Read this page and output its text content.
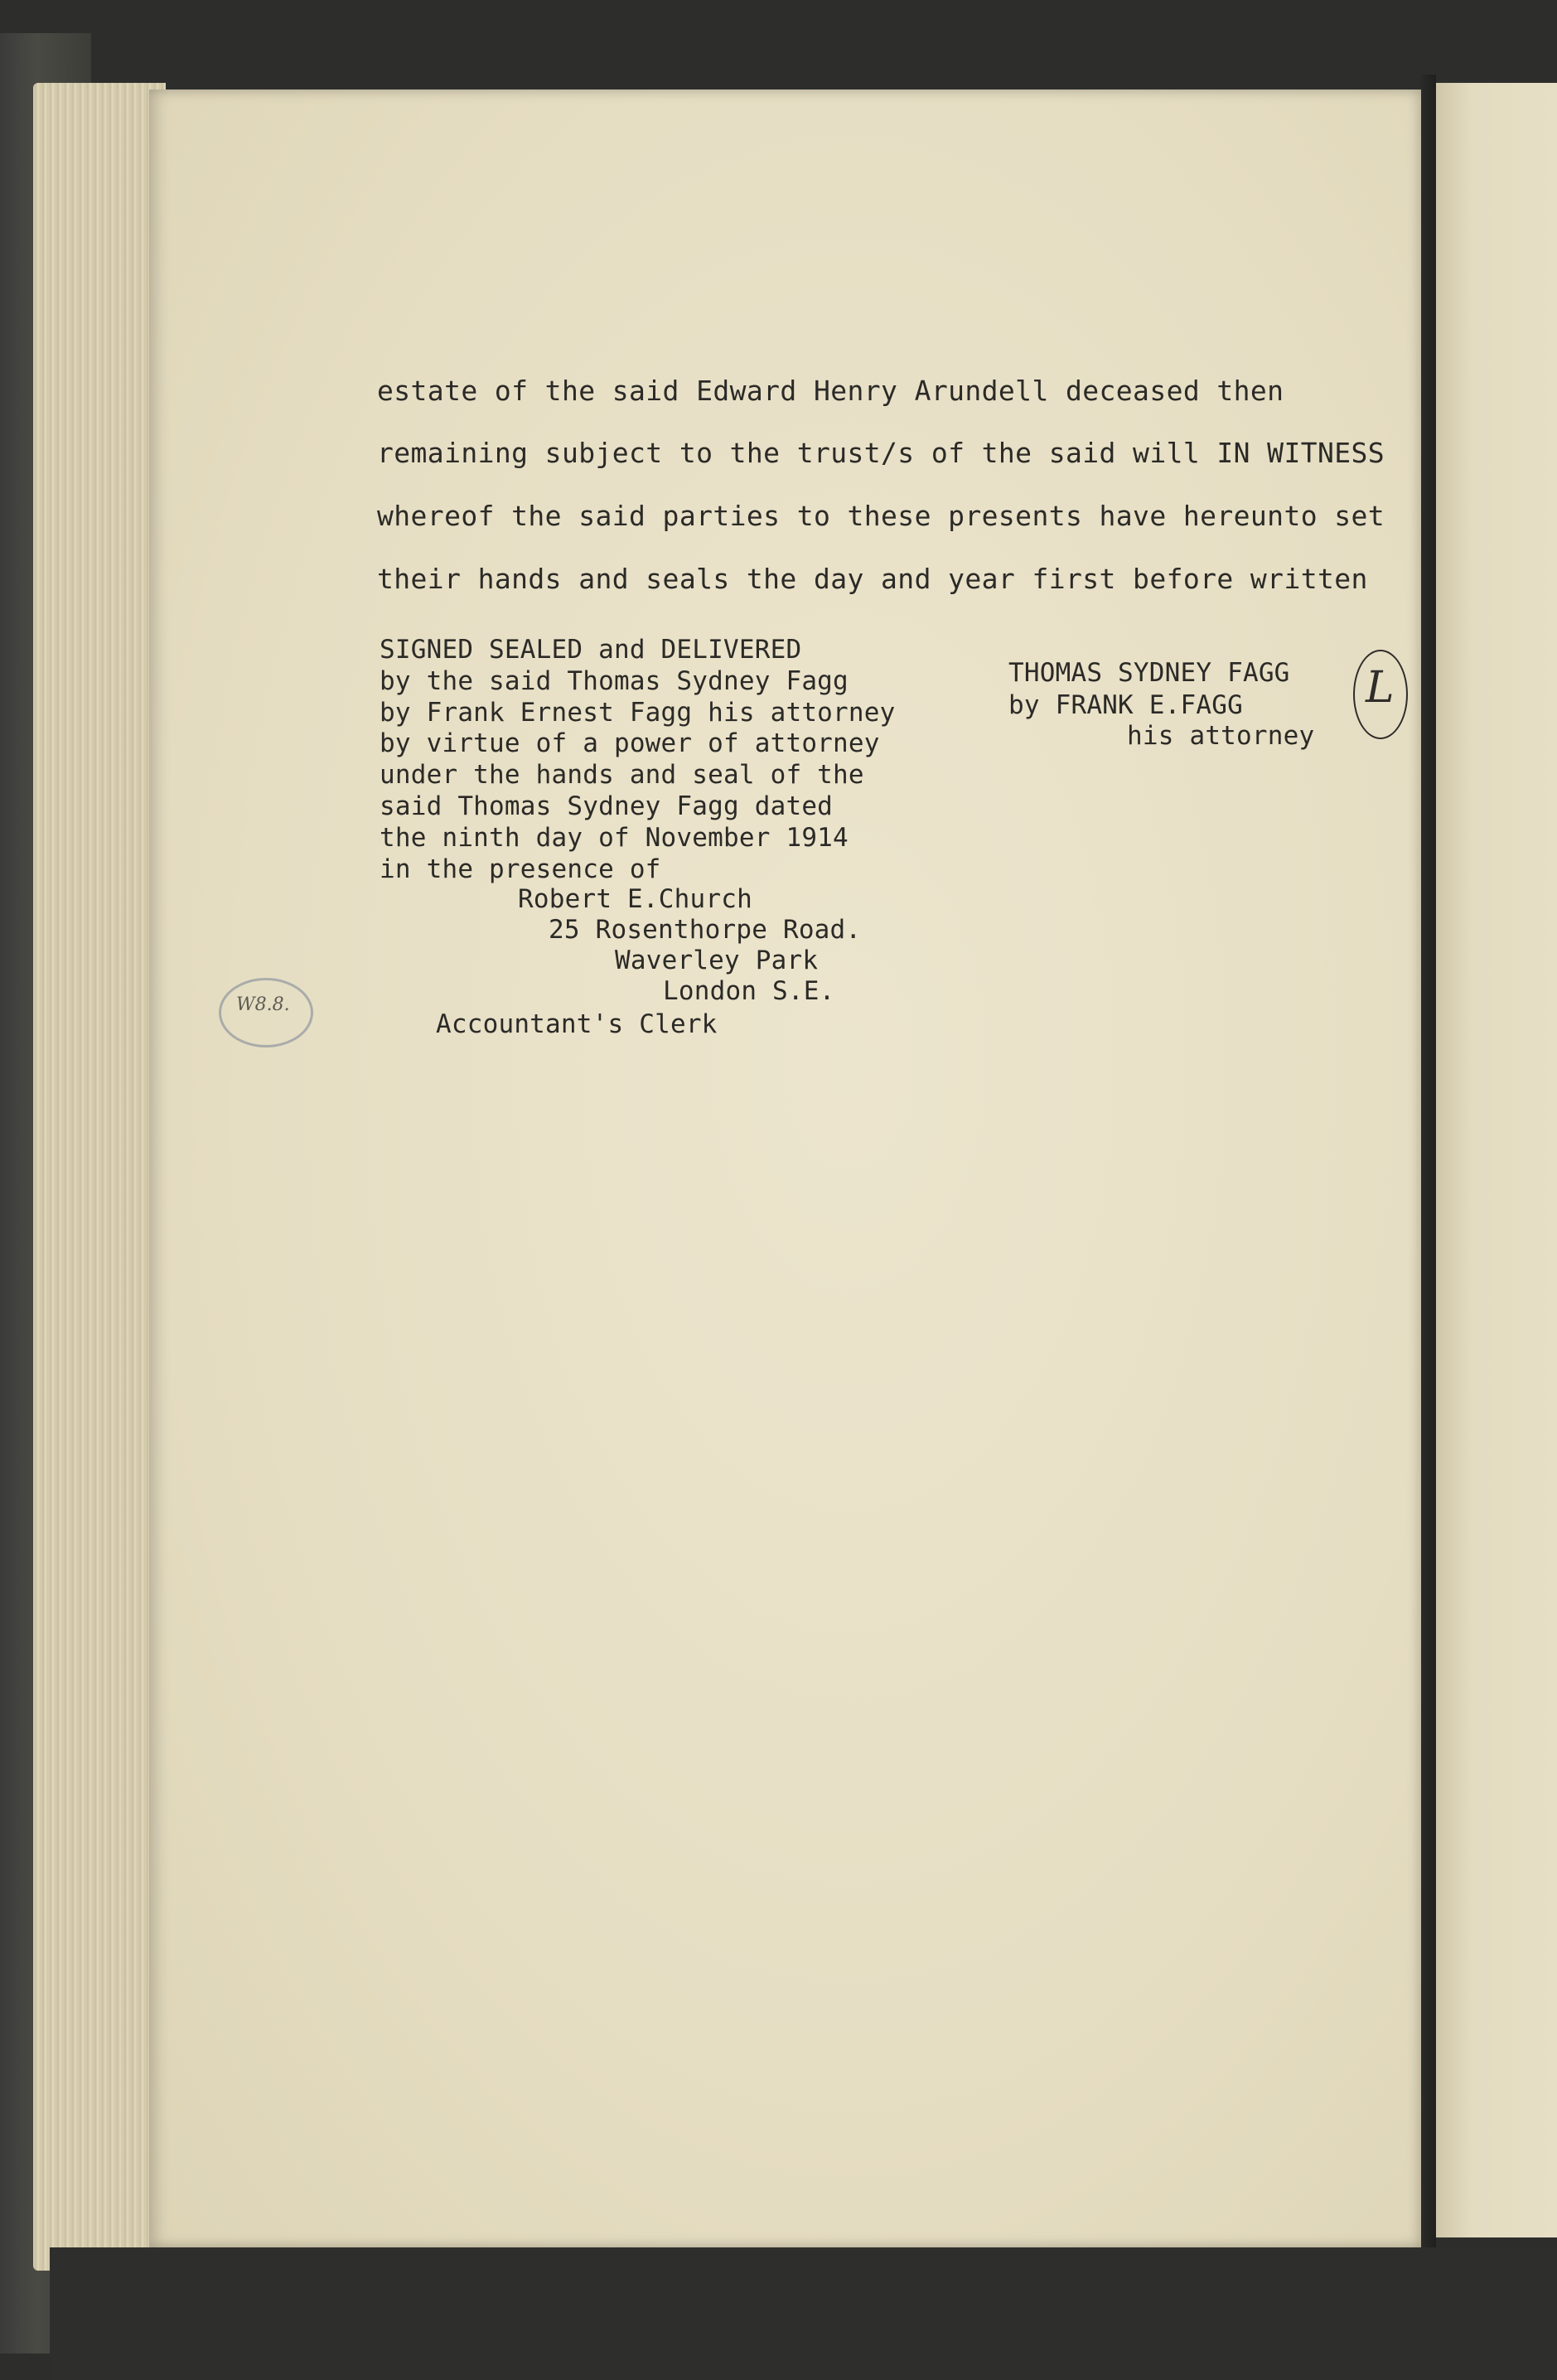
estate of the said Edward Henry Arundell deceased then
remaining subject to the trust/s of the said will IN WITNESS
whereof the said parties to these presents have hereunto set
their hands and seals the day and year first before written
SIGNED SEALED and DELIVERED
by the said Thomas Sydney Fagg
by Frank Ernest Fagg his attorney
by virtue of a power of attorney
under the hands and seal of the
said Thomas Sydney Fagg dated
the ninth day of November 1914
in the presence of
Robert E.Church
25 Rosenthorpe Road.
Waverley Park
London S.E.
Accountant's Clerk
THOMAS SYDNEY FAGG
by FRANK E.FAGG
his attorney
W8.8.
L
